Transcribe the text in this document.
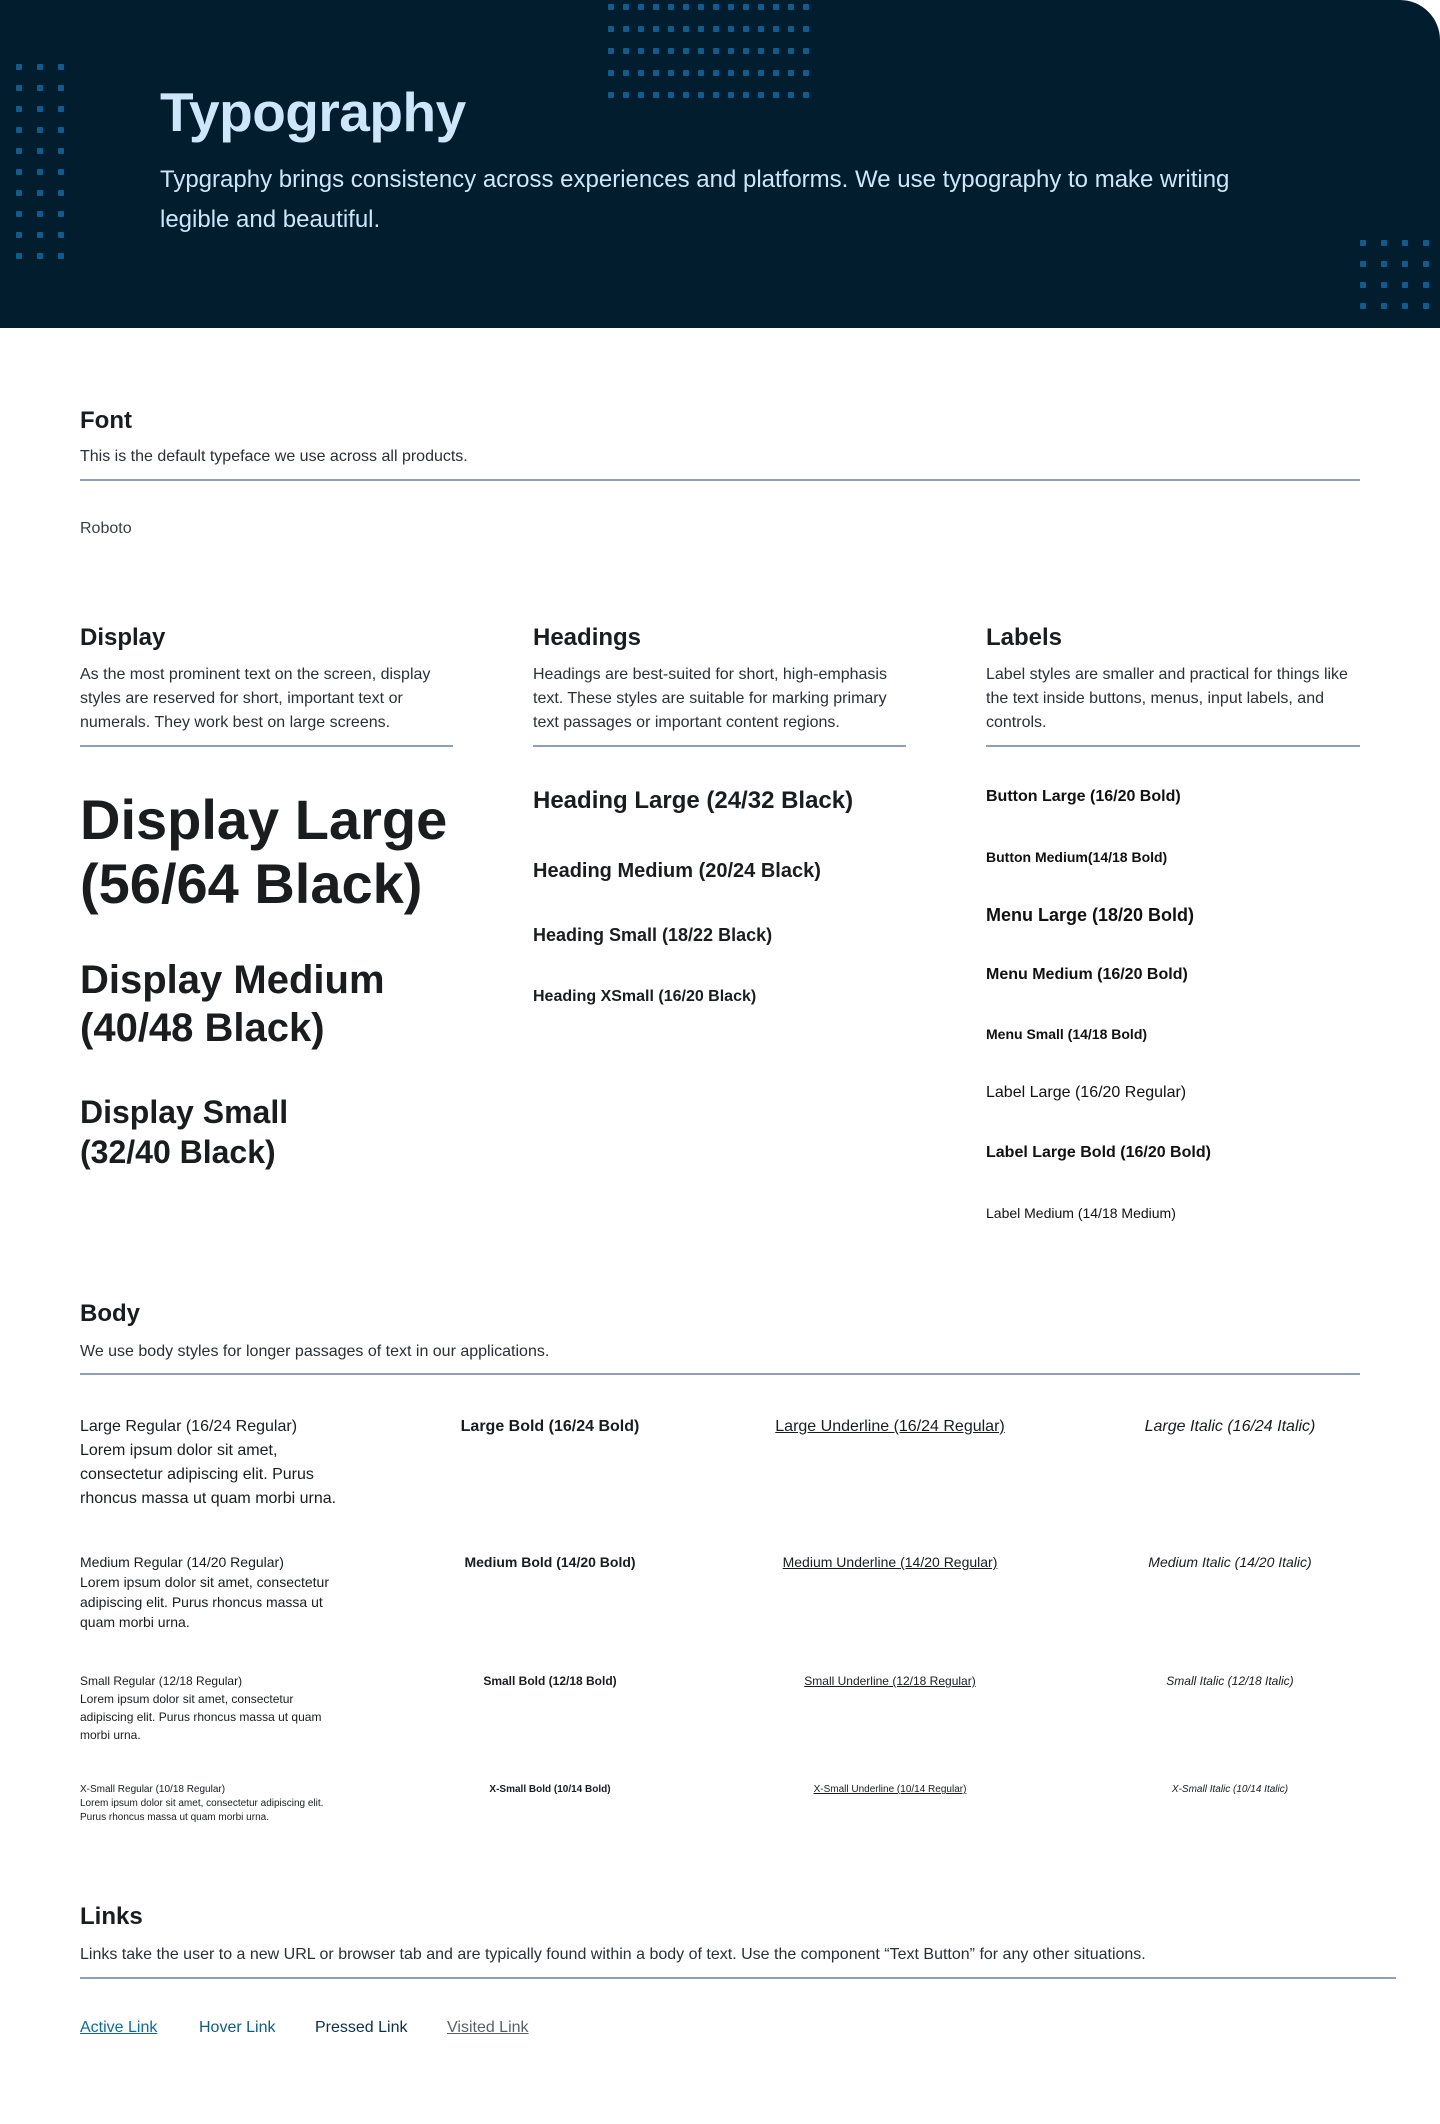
Typography

Typgraphy brings consistency across experiences and platforms. We use typography to make writing legible and beautiful.

Font

This is the default typeface we use across all products.

Roboto

Display

As the most prominent text on the screen, display styles are reserved for short, important text or numerals. They work best on large screens.

Display Large (56/64 Black)

Display Medium (40/48 Black)

Display Small (32/40 Black)

Headings

Headings are best-suited for short, high-emphasis text. These styles are suitable for marking primary text passages or important content regions.

Heading Large (24/32 Black)

Heading Medium (20/24 Black)

Heading Small (18/22 Black)

Heading XSmall (16/20 Black)

Labels

Label styles are smaller and practical for things like the text inside buttons, menus, input labels, and controls.

Button Large (16/20 Bold)

Button Medium(14/18 Bold)

Menu Large (18/20 Bold)

Menu Medium (16/20 Bold)

Menu Small (14/18 Bold)

Label Large (16/20 Regular)

Label Large Bold (16/20 Bold)

Label Medium (14/18 Medium)

Body

We use body styles for longer passages of text in our applications.

Large Regular (16/24 Regular)

Lorem ipsum dolor sit amet, consectetur adipiscing elit. Purus rhoncus massa ut quam morbi urna.

Large Bold (16/24 Bold)	Large Underline (16/24 Regular)	Large Italic (16/24 Italic)

Medium Regular (14/20 Regular)

Lorem ipsum dolor sit amet, consectetur adipiscing elit. Purus rhoncus massa ut quam morbi urna.

Medium Bold (14/20 Bold)	Medium Underline (14/20 Regular)	Medium Italic (14/20 Italic)

Small Regular (12/18 Regular)

Lorem ipsum dolor sit amet, consectetur adipiscing elit. Purus rhoncus massa ut quam morbi urna.

Small Bold (12/18 Bold)	Small Underline (12/18 Regular)	Small Italic (12/18 Italic)

X-Small Regular (10/18 Regular)

Lorem ipsum dolor sit amet, consectetur adipiscing elit. Purus rhoncus massa ut quam morbi urna.

X-Small Bold (10/14 Bold)	X-Small Underline (10/14 Regular)	X-Small Italic (10/14 Italic)

Links

Links take the user to a new URL or browser tab and are typically found within a body of text. Use the component “Text Button” for any other situations.

Active Link	Hover Link Pressed Link Visited Link
